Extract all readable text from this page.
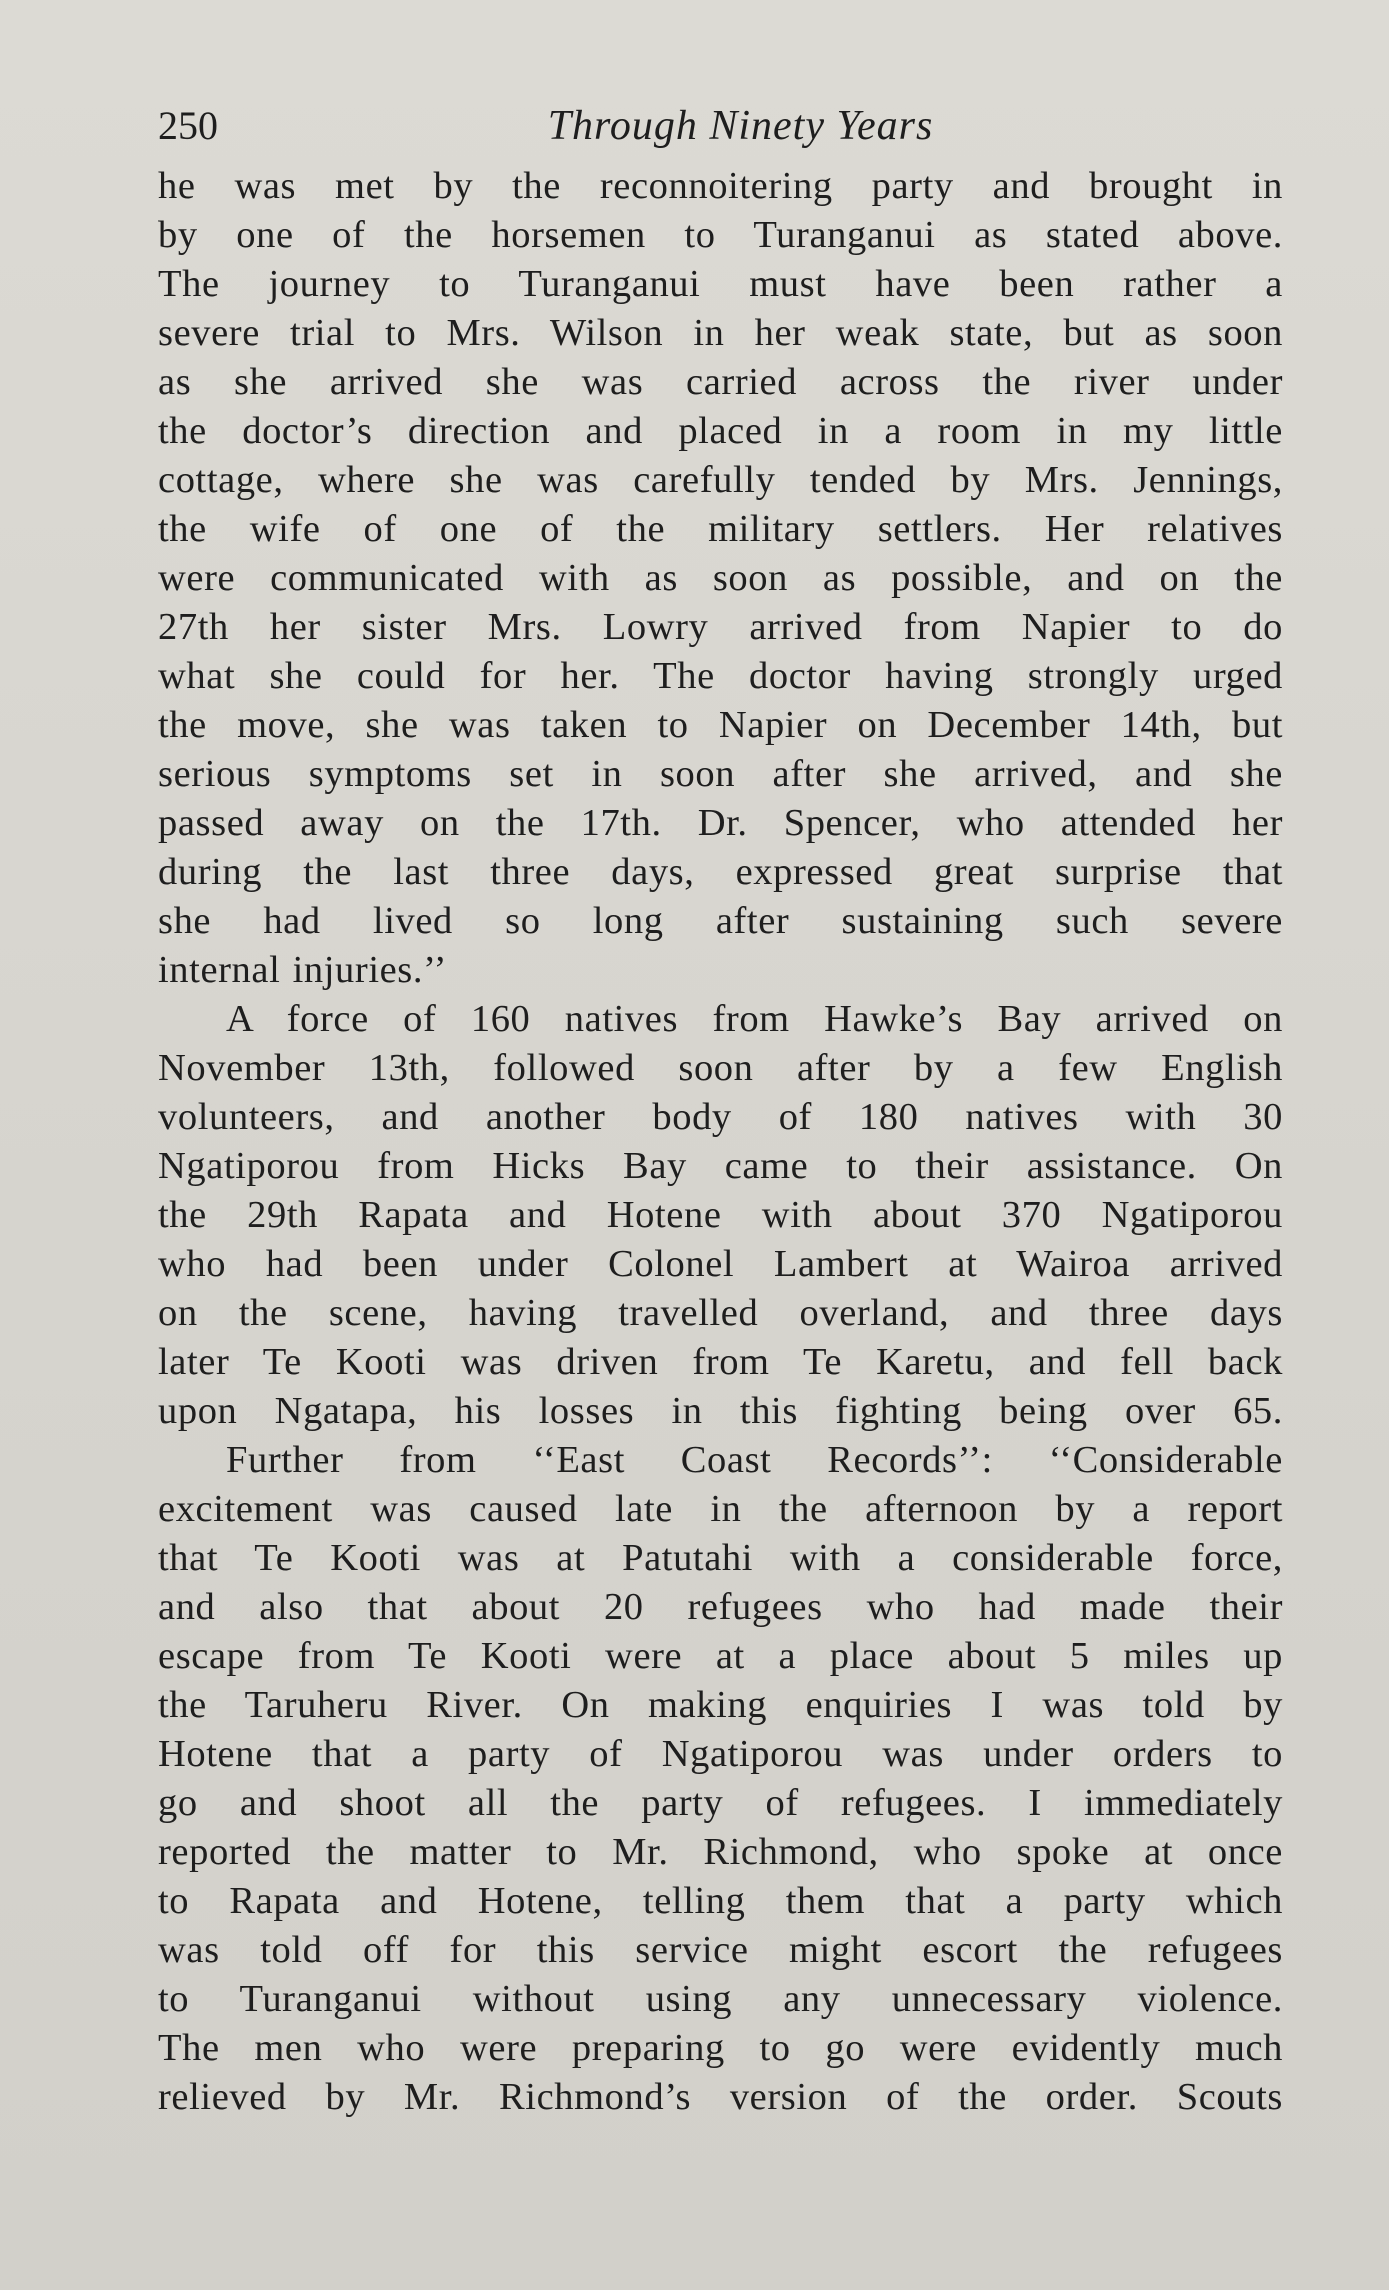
250	Through Ninety Years

he was met by the reconnoitering party and brought in
by one of the horsemen to Turanganui as stated above.
The journey to Turanganui must have been rather a
severe trial to Mrs. Wilson in her weak state, but as soon
as she arrived she was carried across the river under
the doctor’s direction and placed in a room in my little
cottage, where she was carefully tended by Mrs. Jennings,
the wife of one of the military settlers. Her relatives
were communicated with as soon as possible, and on the
27th her sister Mrs. Lowry arrived from Napier to do
what she could for her. The doctor having strongly urged
the move, she was taken to Napier on December 14th, but
serious symptoms set in soon after she arrived, and she
passed away on the 17th. Dr. Spencer, who attended her
during the last three days, expressed great surprise that
she had lived so long after sustaining such severe
internal injuries.’’

A force of 160 natives from Hawke’s Bay arrived on
November 13th, followed soon after by a few English
volunteers, and another body of 180 natives with 30
Ngatiporou from Hicks Bay came to their assistance. On
the 29th Rapata and Hotene with about 370 Ngatiporou
who had been under Colonel Lambert at Wairoa arrived
on the scene, having travelled overland, and three days
later Te Kooti was driven from Te Karetu, and fell back
upon Ngatapa, his losses in this fighting being over 65.

Further from ‘‘East Coast Records’’: ‘‘Considerable
excitement was caused late in the afternoon by a report
that Te Kooti was at Patutahi with a considerable force,
and also that about 20 refugees who had made their
escape from Te Kooti were at a place about 5 miles up
the Taruheru River. On making enquiries I was told by
Hotene that a party of Ngatiporou was under orders to
go and shoot all the party of refugees. I immediately
reported the matter to Mr. Richmond, who spoke at once
to Rapata and Hotene, telling them that a party which
was told off for this service might escort the refugees
to Turanganui without using any unnecessary violence.
The men who were preparing to go were evidently much
relieved by Mr. Richmond’s version of the order. Scouts
